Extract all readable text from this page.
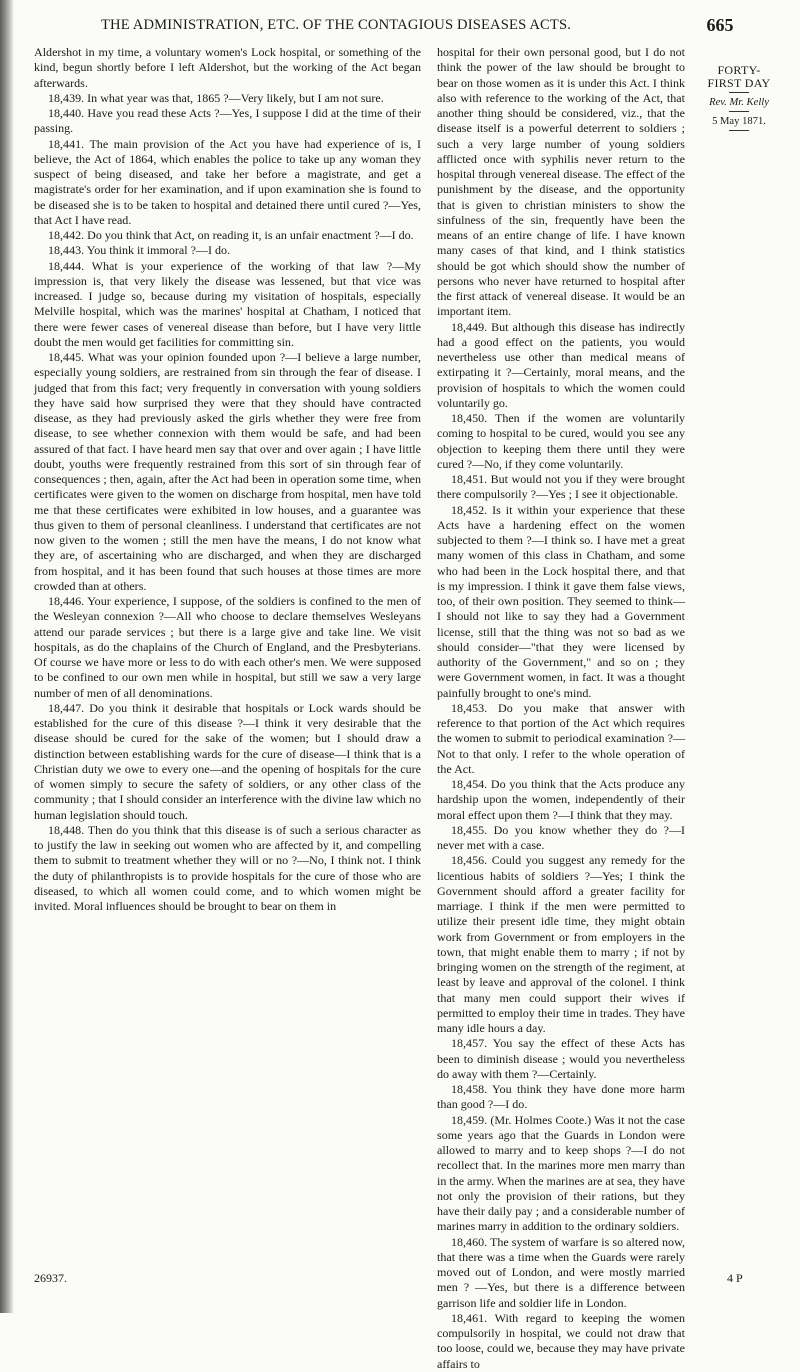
THE ADMINISTRATION, ETC. OF THE CONTAGIOUS DISEASES ACTS.	665

Aldershot in my time, a voluntary women's Lock hospital, or something of the kind, begun shortly before I left Aldershot, but the working of the Act began afterwards.

18,439. In what year was that, 1865 ?—Very likely, but I am not sure.

18,440. Have you read these Acts ?—Yes, I suppose I did at the time of their passing.

18,441. The main provision of the Act you have had experience of is, I believe, the Act of 1864, which enables the police to take up any woman they suspect of being diseased, and take her before a magistrate, and get a magistrate's order for her examination, and if upon examination she is found to be diseased she is to be taken to hospital and detained there until cured ?—Yes, that Act I have read.

18,442. Do you think that Act, on reading it, is an unfair enactment ?—I do.

18,443. You think it immoral ?—I do.

18,444. What is your experience of the working of that law ?—My impression is, that very likely the disease was lessened, but that vice was increased. I judge so, because during my visitation of hospitals, especially Melville hospital, which was the marines' hospital at Chatham, I noticed that there were fewer cases of venereal disease than before, but I have very little doubt the men would get facilities for committing sin.

18,445. What was your opinion founded upon ?—I believe a large number, especially young soldiers, are restrained from sin through the fear of disease. I judged that from this fact; very frequently in conversation with young soldiers they have said how surprised they were that they should have contracted disease, as they had previously asked the girls whether they were free from disease, to see whether connexion with them would be safe, and had been assured of that fact. I have heard men say that over and over again ; I have little doubt, youths were frequently restrained from this sort of sin through fear of consequences ; then, again, after the Act had been in operation some time, when certificates were given to the women on discharge from hospital, men have told me that these certificates were exhibited in low houses, and a guarantee was thus given to them of personal cleanliness. I understand that certificates are not now given to the women ; still the men have the means, I do not know what they are, of ascertaining who are discharged, and when they are discharged from hospital, and it has been found that such houses at those times are more crowded than at others.

18,446. Your experience, I suppose, of the soldiers is confined to the men of the Wesleyan connexion ?—All who choose to declare themselves Wesleyans attend our parade services ; but there is a large give and take line. We visit hospitals, as do the chaplains of the Church of England, and the Presbyterians. Of course we have more or less to do with each other's men. We were supposed to be confined to our own men while in hospital, but still we saw a very large number of men of all denominations.

18,447. Do you think it desirable that hospitals or Lock wards should be established for the cure of this disease ?—I think it very desirable that the disease should be cured for the sake of the women; but I should draw a distinction between establishing wards for the cure of disease—I think that is a Christian duty we owe to every one—and the opening of hospitals for the cure of women simply to secure the safety of soldiers, or any other class of the community ; that I should consider an interference with the divine law which no human legislation should touch.

18,448. Then do you think that this disease is of such a serious character as to justify the law in seeking out women who are affected by it, and compelling them to submit to treatment whether they will or no ?—No, I think not. I think the duty of philanthropists is to provide hospitals for the cure of those who are diseased, to which all women could come, and to which women might be invited. Moral influences should be brought to bear on them in

hospital for their own personal good, but I do not think the power of the law should be brought to bear on those women as it is under this Act. I think also with reference to the working of the Act, that another thing should be considered, viz., that the disease itself is a powerful deterrent to soldiers ; such a very large number of young soldiers afflicted once with syphilis never return to the hospital through venereal disease. The effect of the punishment by the disease, and the opportunity that is given to christian ministers to show the sinfulness of the sin, frequently have been the means of an entire change of life. I have known many cases of that kind, and I think statistics should be got which should show the number of persons who never have returned to hospital after the first attack of venereal disease. It would be an important item.

18,449. But although this disease has indirectly had a good effect on the patients, you would nevertheless use other than medical means of extirpating it ?—Certainly, moral means, and the provision of hospitals to which the women could voluntarily go.

18,450. Then if the women are voluntarily coming to hospital to be cured, would you see any objection to keeping them there until they were cured ?—No, if they come voluntarily.

18,451. But would not you if they were brought there compulsorily ?—Yes ; I see it objectionable.

18,452. Is it within your experience that these Acts have a hardening effect on the women subjected to them ?—I think so. I have met a great many women of this class in Chatham, and some who had been in the Lock hospital there, and that is my impression. I think it gave them false views, too, of their own position. They seemed to think—I should not like to say they had a Government license, still that the thing was not so bad as we should consider—"that they were licensed by authority of the Government," and so on ; they were Government women, in fact. It was a thought painfully brought to one's mind.

18,453. Do you make that answer with reference to that portion of the Act which requires the women to submit to periodical examination ?—Not to that only. I refer to the whole operation of the Act.

18,454. Do you think that the Acts produce any hardship upon the women, independently of their moral effect upon them ?—I think that they may.

18,455. Do you know whether they do ?—I never met with a case.

18,456. Could you suggest any remedy for the licentious habits of soldiers ?—Yes; I think the Government should afford a greater facility for marriage. I think if the men were permitted to utilize their present idle time, they might obtain work from Government or from employers in the town, that might enable them to marry ; if not by bringing women on the strength of the regiment, at least by leave and approval of the colonel. I think that many men could support their wives if permitted to employ their time in trades. They have many idle hours a day.

18,457. You say the effect of these Acts has been to diminish disease ; would you nevertheless do away with them ?—Certainly.

18,458. You think they have done more harm than good ?—I do.

18,459. (Mr. Holmes Coote.) Was it not the case some years ago that the Guards in London were allowed to marry and to keep shops ?—I do not recollect that. In the marines more men marry than in the army. When the marines are at sea, they have not only the provision of their rations, but they have their daily pay ; and a considerable number of marines marry in addition to the ordinary soldiers.

18,460. The system of warfare is so altered now, that there was a time when the Guards were rarely moved out of London, and were mostly married men ? —Yes, but there is a difference between garrison life and soldier life in London.

18,461. With regard to keeping the women compulsorily in hospital, we could not draw that too loose, could we, because they may have private affairs to

FORTY-
FIRST DAY
Rev. Mr. Kelly
5 May 1871.
26937.	4 P
